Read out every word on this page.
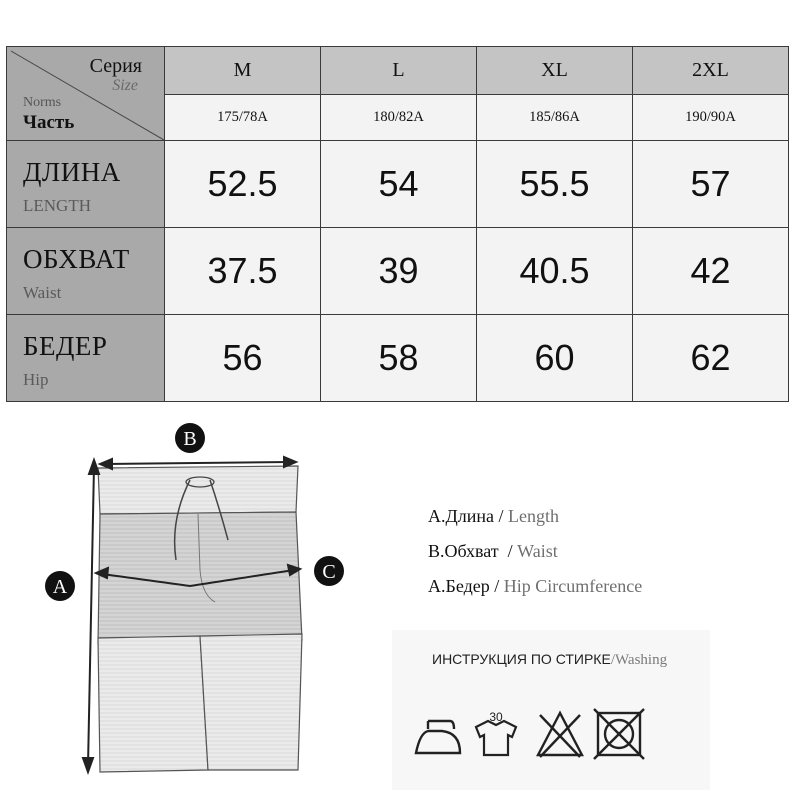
Серия
Size
Norms
Часть	M	L	XL	2XL
	175/78A	180/82A	185/86A	190/90A

ДЛИНА
LENGTH	52.5	54	55.5	57

ОБХВАТ
Waist	37.5	39	40.5	42

БЕДЕР
Hip	56	58	60	62
B
A
C
A.Длина / Length
B.Обхват  / Waist
A.Бедер / Hip Circumference
ИНСТРУКЦИЯ ПО СТИРКЕ/Washing
30
